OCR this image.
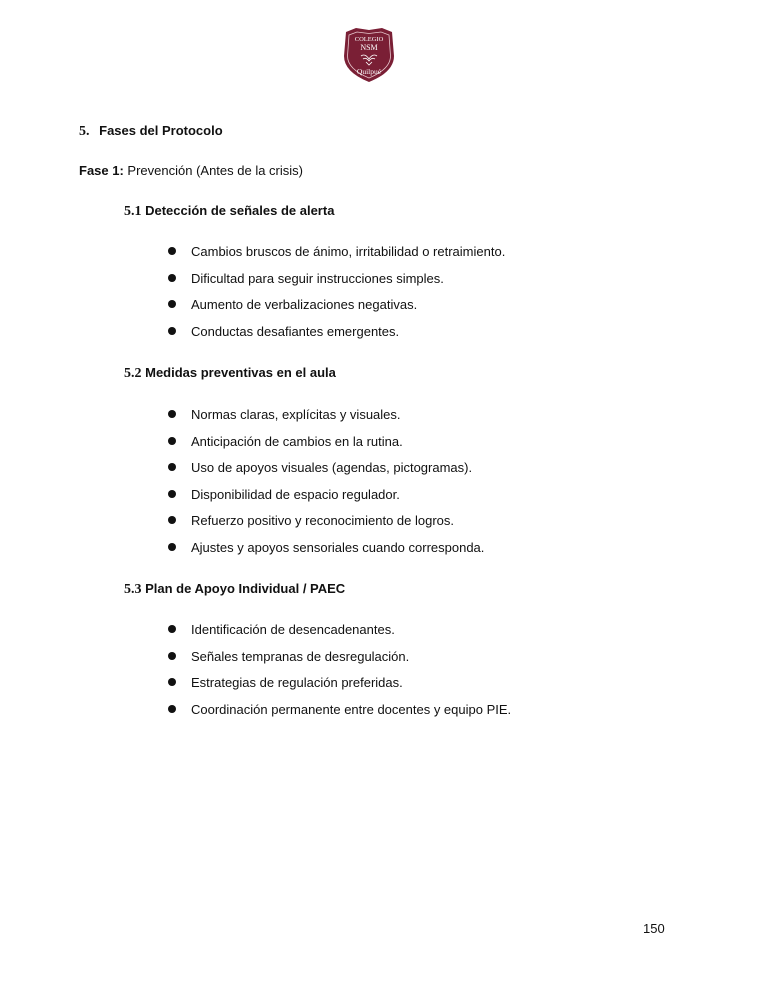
COLEGIO
NSM
Quilpué
5. Fases del Protocolo
Fase 1: Prevención (Antes de la crisis)
5.1 Detección de señales de alerta
Cambios bruscos de ánimo, irritabilidad o retraimiento.
Dificultad para seguir instrucciones simples.
Aumento de verbalizaciones negativas.
Conductas desafiantes emergentes.
5.2 Medidas preventivas en el aula
Normas claras, explícitas y visuales.
Anticipación de cambios en la rutina.
Uso de apoyos visuales (agendas, pictogramas).
Disponibilidad de espacio regulador.
Refuerzo positivo y reconocimiento de logros.
Ajustes y apoyos sensoriales cuando corresponda.
5.3 Plan de Apoyo Individual / PAEC
Identificación de desencadenantes.
Señales tempranas de desregulación.
Estrategias de regulación preferidas.
Coordinación permanente entre docentes y equipo PIE.
150
